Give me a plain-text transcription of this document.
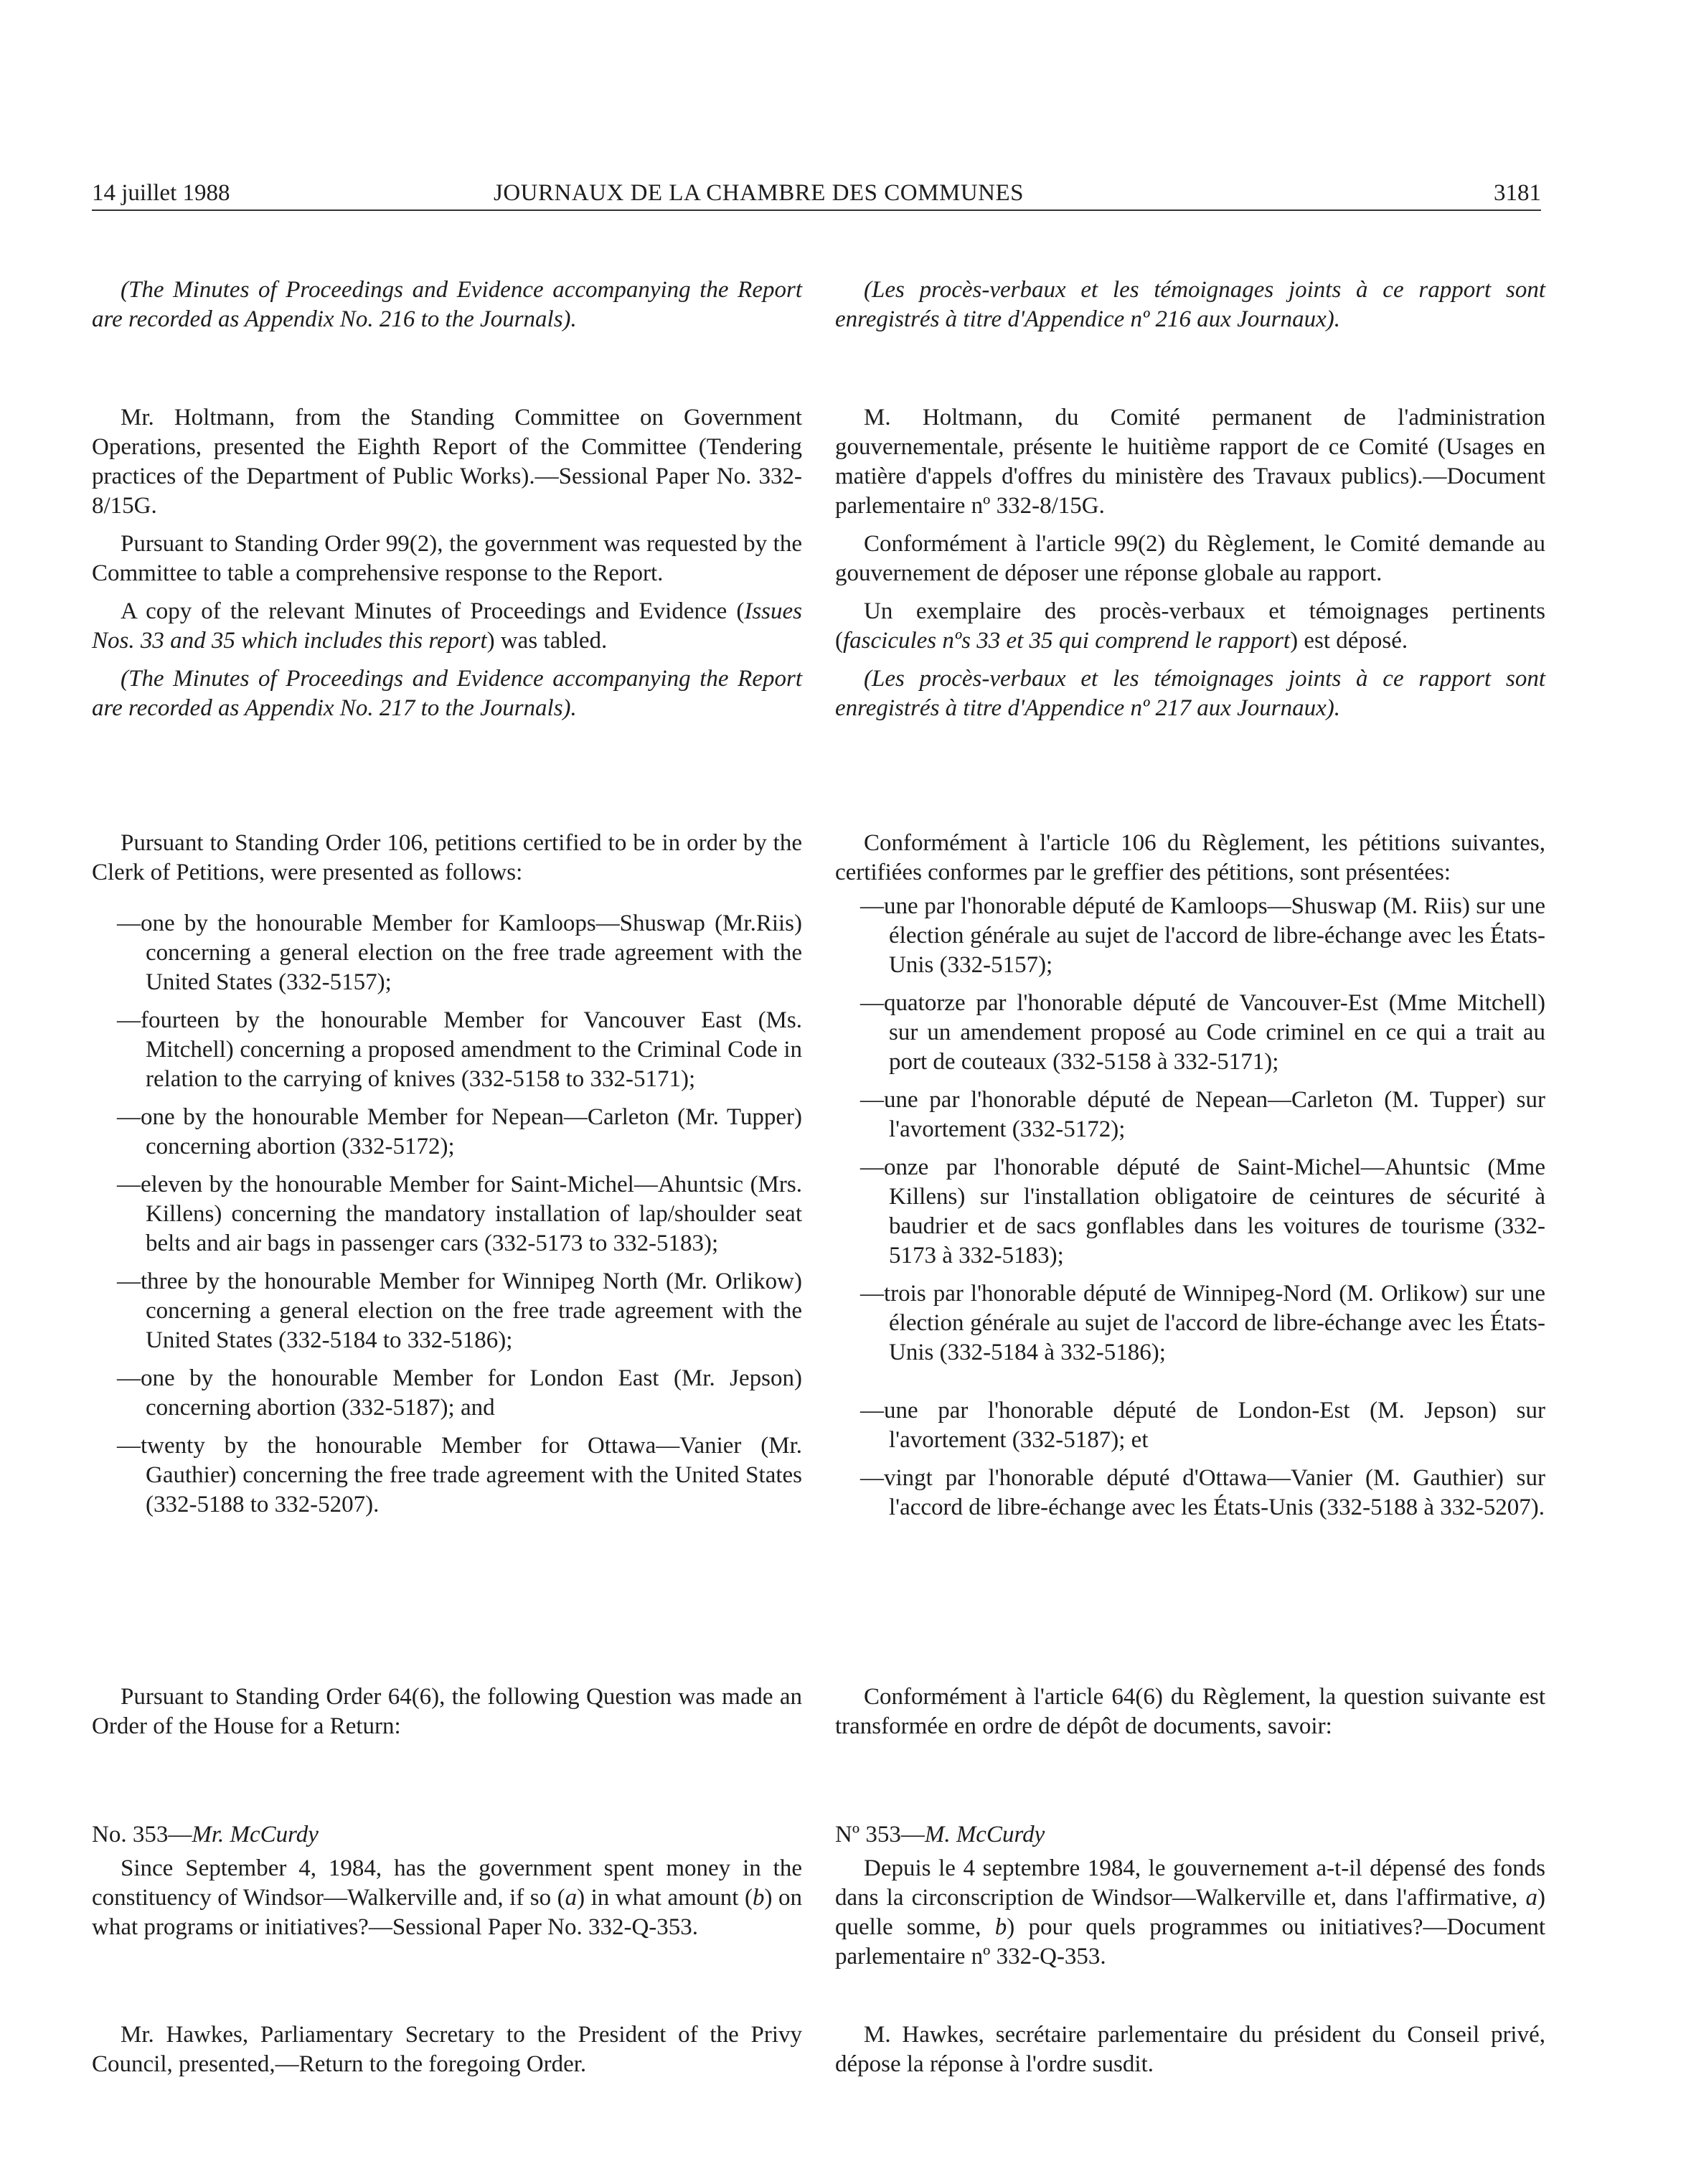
14 juillet 1988	JOURNAUX DE LA CHAMBRE DES COMMUNES	3181

(The Minutes of Proceedings and Evidence accompanying the Report are recorded as Appendix No. 216 to the Journals).

Mr. Holtmann, from the Standing Committee on Government Operations, presented the Eighth Report of the Committee (Tendering practices of the Department of Public Works).—Sessional Paper No. 332-8/15G.

Pursuant to Standing Order 99(2), the government was requested by the Committee to table a comprehensive response to the Report.

A copy of the relevant Minutes of Proceedings and Evidence (Issues Nos. 33 and 35 which includes this report) was tabled.

(The Minutes of Proceedings and Evidence accompanying the Report are recorded as Appendix No. 217 to the Journals).

Pursuant to Standing Order 106, petitions certified to be in order by the Clerk of Petitions, were presented as follows:

—one by the honourable Member for Kamloops—Shuswap (Mr.Riis) concerning a general election on the free trade agreement with the United States (332-5157);

—fourteen by the honourable Member for Vancouver East (Ms. Mitchell) concerning a proposed amendment to the Criminal Code in relation to the carrying of knives (332-5158 to 332-5171);

—one by the honourable Member for Nepean—Carleton (Mr. Tupper) concerning abortion (332-5172);

—eleven by the honourable Member for Saint-Michel—Ahuntsic (Mrs. Killens) concerning the mandatory installation of lap/shoulder seat belts and air bags in passenger cars (332-5173 to 332-5183);

—three by the honourable Member for Winnipeg North (Mr. Orlikow) concerning a general election on the free trade agreement with the United States (332-5184 to 332-5186);

—one by the honourable Member for London East (Mr. Jepson) concerning abortion (332-5187); and

—twenty by the honourable Member for Ottawa—Vanier (Mr. Gauthier) concerning the free trade agreement with the United States (332-5188 to 332-5207).

Pursuant to Standing Order 64(6), the following Question was made an Order of the House for a Return:

No. 353—Mr. McCurdy

Since September 4, 1984, has the government spent money in the constituency of Windsor—Walkerville and, if so (a) in what amount (b) on what programs or initiatives?—Sessional Paper No. 332-Q-353.

Mr. Hawkes, Parliamentary Secretary to the President of the Privy Council, presented,—Return to the foregoing Order.

(Les procès-verbaux et les témoignages joints à ce rapport sont enregistrés à titre d'Appendice nº 216 aux Journaux).

M. Holtmann, du Comité permanent de l'administration gouvernementale, présente le huitième rapport de ce Comité (Usages en matière d'appels d'offres du ministère des Travaux publics).—Document parlementaire nº 332-8/15G.

Conformément à l'article 99(2) du Règlement, le Comité demande au gouvernement de déposer une réponse globale au rapport.

Un exemplaire des procès-verbaux et témoignages pertinents (fascicules nºs 33 et 35 qui comprend le rapport) est déposé.

(Les procès-verbaux et les témoignages joints à ce rapport sont enregistrés à titre d'Appendice nº 217 aux Journaux).

Conformément à l'article 106 du Règlement, les pétitions suivantes, certifiées conformes par le greffier des pétitions, sont présentées:

—une par l'honorable député de Kamloops—Shuswap (M. Riis) sur une élection générale au sujet de l'accord de libre-échange avec les États-Unis (332-5157);

—quatorze par l'honorable député de Vancouver-Est (Mme Mitchell) sur un amendement proposé au Code criminel en ce qui a trait au port de couteaux (332-5158 à 332-5171);

—une par l'honorable député de Nepean—Carleton (M. Tupper) sur l'avortement (332-5172);

—onze par l'honorable député de Saint-Michel—Ahuntsic (Mme Killens) sur l'installation obligatoire de ceintures de sécurité à baudrier et de sacs gonflables dans les voitures de tourisme (332-5173 à 332-5183);

—trois par l'honorable député de Winnipeg-Nord (M. Orlikow) sur une élection générale au sujet de l'accord de libre-échange avec les États-Unis (332-5184 à 332-5186);

—une par l'honorable député de London-Est (M. Jepson) sur l'avortement (332-5187); et

—vingt par l'honorable député d'Ottawa—Vanier (M. Gauthier) sur l'accord de libre-échange avec les États-Unis (332-5188 à 332-5207).

Conformément à l'article 64(6) du Règlement, la question suivante est transformée en ordre de dépôt de documents, savoir:

Nº 353—M. McCurdy

Depuis le 4 septembre 1984, le gouvernement a-t-il dépensé des fonds dans la circonscription de Windsor—Walkerville et, dans l'affirmative, a) quelle somme, b) pour quels programmes ou initiatives?—Document parlementaire nº 332-Q-353.

M. Hawkes, secrétaire parlementaire du président du Conseil privé, dépose la réponse à l'ordre susdit.
